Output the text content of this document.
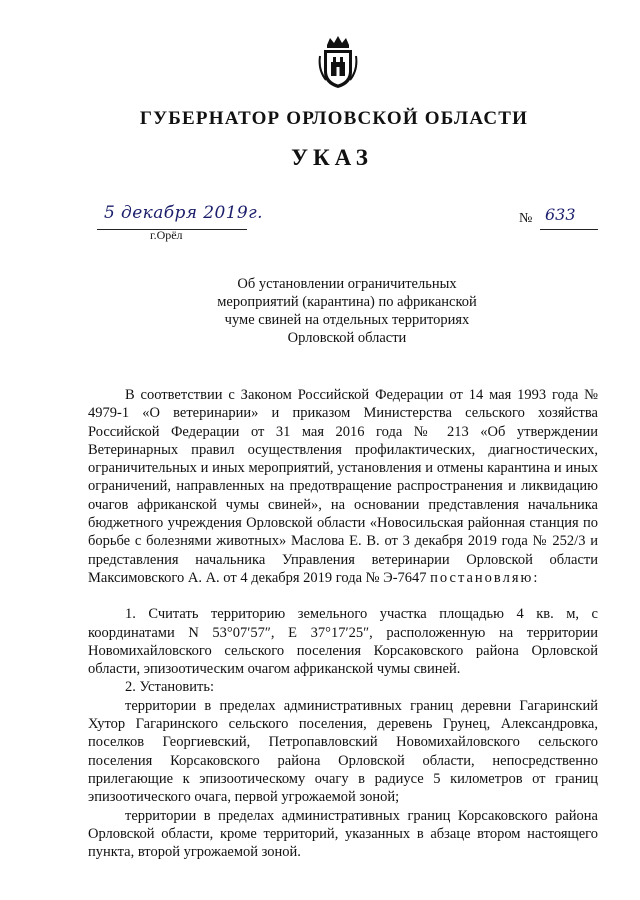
ГУБЕРНАТОР ОРЛОВСКОЙ ОБЛАСТИ
УКАЗ
5 декабря 2019г.
г.Орёл
№ 633
Об установлении ограничительных
мероприятий (карантина) по африканской
чуме свиней на отдельных территориях
Орловской области

В соответствии с Законом Российской Федерации от 14 мая 1993 года № 4979-1 «О ветеринарии» и приказом Министерства сельского хозяйства Российской Федерации от 31 мая 2016 года № 213 «Об утверждении Ветеринарных правил осуществления профилактических, диагностических, ограничительных и иных мероприятий, установления и отмены карантина и иных ограничений, направленных на предотвращение распространения и ликвидацию очагов африканской чумы свиней», на основании представления начальника бюджетного учреждения Орловской области «Новосильская районная станция по борьбе с болезнями животных» Маслова Е. В. от 3 декабря 2019 года № 252/3 и представления начальника Управления ветеринарии Орловской области Максимовского А. А. от 4 декабря 2019 года № Э-7647 постановляю:

1. Считать территорию земельного участка площадью 4 кв. м, с координатами N 53°07′57″, E 37°17′25″, расположенную на территории Новомихайловского сельского поселения Корсаковского района Орловской области, эпизоотическим очагом африканской чумы свиней.

2. Установить:

территории в пределах административных границ деревни Гагаринский Хутор Гагаринского сельского поселения, деревень Грунец, Александровка, поселков Георгиевский, Петропавловский Новомихайловского сельского поселения Корсаковского района Орловской области, непосредственно прилегающие к эпизоотическому очагу в радиусе 5 километров от границ эпизоотического очага, первой угрожаемой зоной;

территории в пределах административных границ Корсаковского района Орловской области, кроме территорий, указанных в абзаце втором настоящего пункта, второй угрожаемой зоной.
